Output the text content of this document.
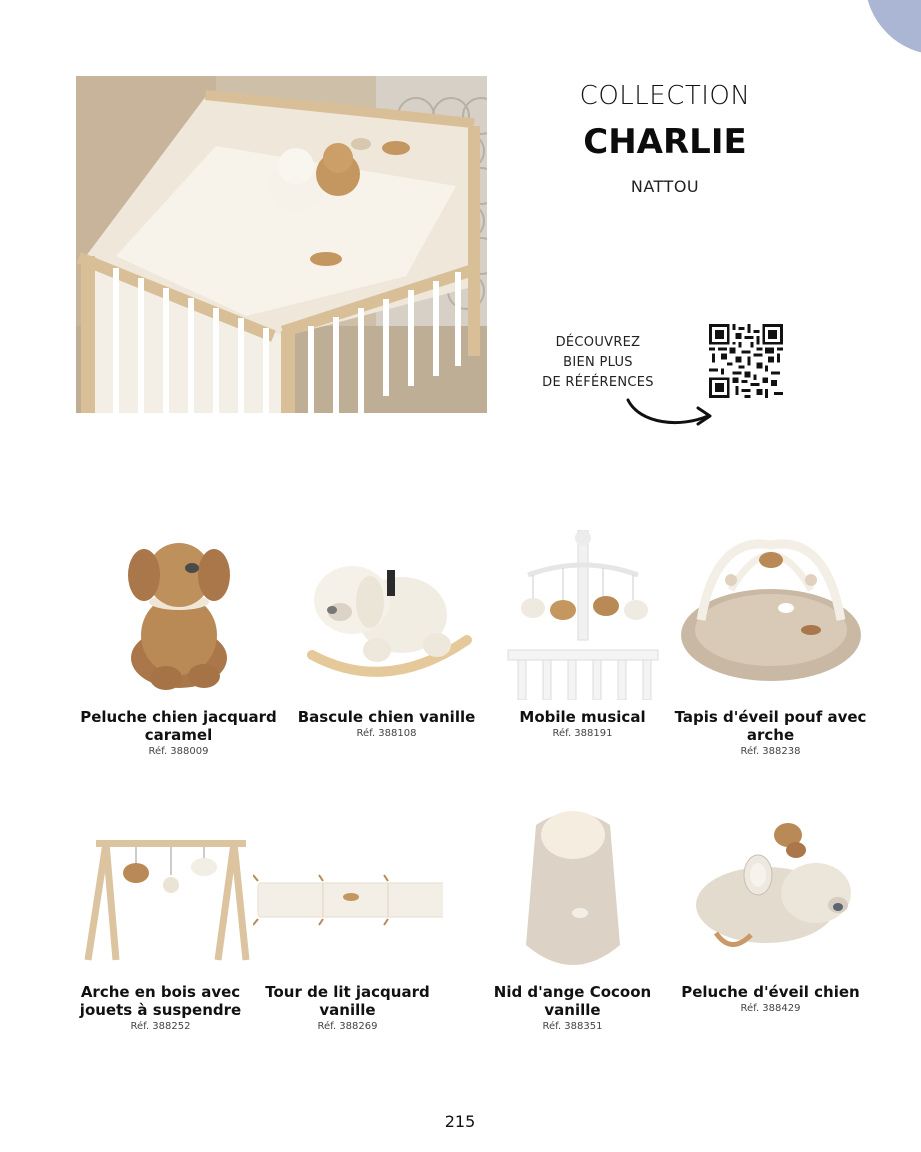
COLLECTION
CHARLIE
NATTOU
DÉCOUVREZ
BIEN PLUS
DE RÉFÉRENCES
Peluche chien jacquard caramel
Réf. 388009
Bascule chien vanille
Réf. 388108
Mobile musical
Réf. 388191
Tapis d'éveil pouf avec arche
Réf. 388238
Arche en bois avec jouets à suspendre
Réf. 388252
Tour de lit jacquard vanille
Réf. 388269
Nid d'ange Cocoon vanille
Réf. 388351
Peluche d'éveil chien
Réf. 388429
215
